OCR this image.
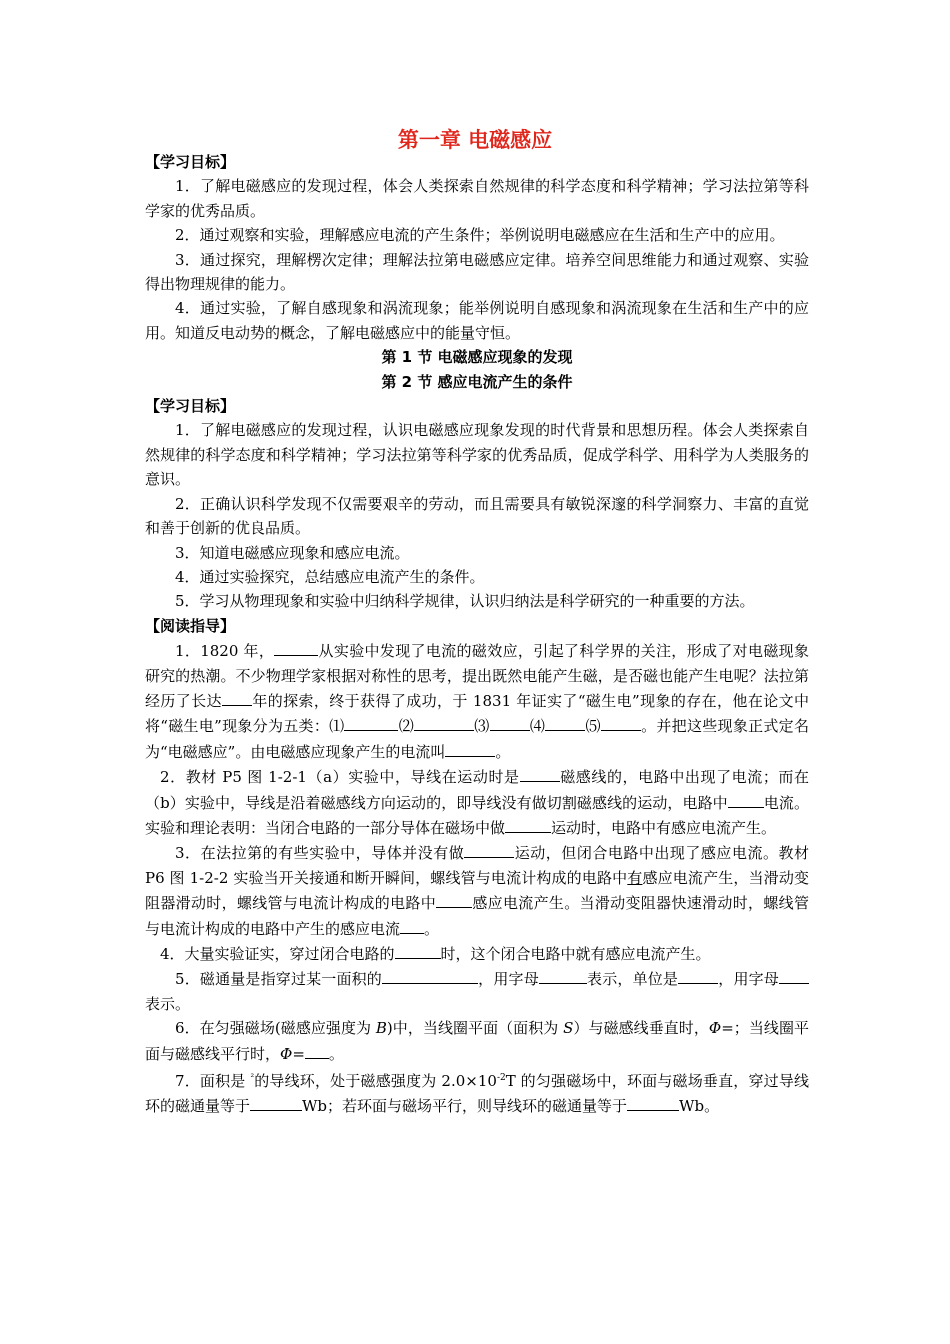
第一章 电磁感应
【学习目标】
1．了解电磁感应的发现过程，体会人类探索自然规律的科学态度和科学精神；学习法拉第等科学家的优秀品质。
2．通过观察和实验，理解感应电流的产生条件；举例说明电磁感应在生活和生产中的应用。
3．通过探究，理解楞次定律；理解法拉第电磁感应定律。培养空间思维能力和通过观察、实验得出物理规律的能力。
4．通过实验，了解自感现象和涡流现象；能举例说明自感现象和涡流现象在生活和生产中的应用。知道反电动势的概念，了解电磁感应中的能量守恒。
第 1 节 电磁感应现象的发现
第 2 节 感应电流产生的条件
【学习目标】
1．了解电磁感应的发现过程，认识电磁感应现象发现的时代背景和思想历程。体会人类探索自然规律的科学态度和科学精神；学习法拉第等科学家的优秀品质，促成学科学、用科学为人类服务的意识。
2．正确认识科学发现不仅需要艰辛的劳动，而且需要具有敏锐深邃的科学洞察力、丰富的直觉和善于创新的优良品质。
3．知道电磁感应现象和感应电流。
4．通过实验探究，总结感应电流产生的条件。
5．学习从物理现象和实验中归纳科学规律，认识归纳法是科学研究的一种重要的方法。
【阅读指导】
1．1820 年，	从实验中发现了电流的磁效应，引起了科学界的关注，形成了对电磁现象研究的热潮。不少物理学家根据对称性的思考，提出既然电能产生磁，是否磁也能产生电呢？法拉第经历了长达 年的探索，终于获得了成功，于 1831 年证实了“磁生电”现象的存在，他在论文中将“磁生电”现象分为五类：⑴	⑵	⑶	⑷	⑸	。并把这些现象正式定名为“电磁感应”。由电磁感应现象产生的电流叫	。
2．教材 P5 图 1-2-1（a）实验中，导线在运动时是	磁感线的，电路中出现了电流；而在（b）实验中，导线是沿着磁感线方向运动的，即导线没有做切割磁感线的运动，电路中 电流。实验和理论表明：当闭合电路的一部分导体在磁场中做	运动时，电路中有感应电流产生。
3．在法拉第的有些实验中，导体并没有做	运动，但闭合电路中出现了感应电流。教材 P6 图 1-2-2 实验当开关接通和断开瞬间，螺线管与电流计构成的电路中有感应电流产生，当滑动变阻器滑动时，螺线管与电流计构成的电路中 感应电流产生。当滑动变阻器快速滑动时，螺线管与电流计构成的电路中产生的感应电流 。
4．大量实验证实，穿过闭合电路的	时，这个闭合电路中就有感应电流产生。
5．磁通量是指穿过某一面积的	，用字母	表示，单位是	，用字母表示。
6．在匀强磁场(磁感应强度为 B)中，当线圈平面（面积为 S）与磁感线垂直时，Φ=；当线圈平面与磁感线平行时，Φ= 。
7．面积是 $^{^2}$的导线环，处于磁感强度为 $2.0\times 10^{-2}T$ 的匀强磁场中，环面与磁场垂直，穿过导线环的磁通量等于	Wb；若环面与磁场平行，则导线环的磁通量等于	Wb。
